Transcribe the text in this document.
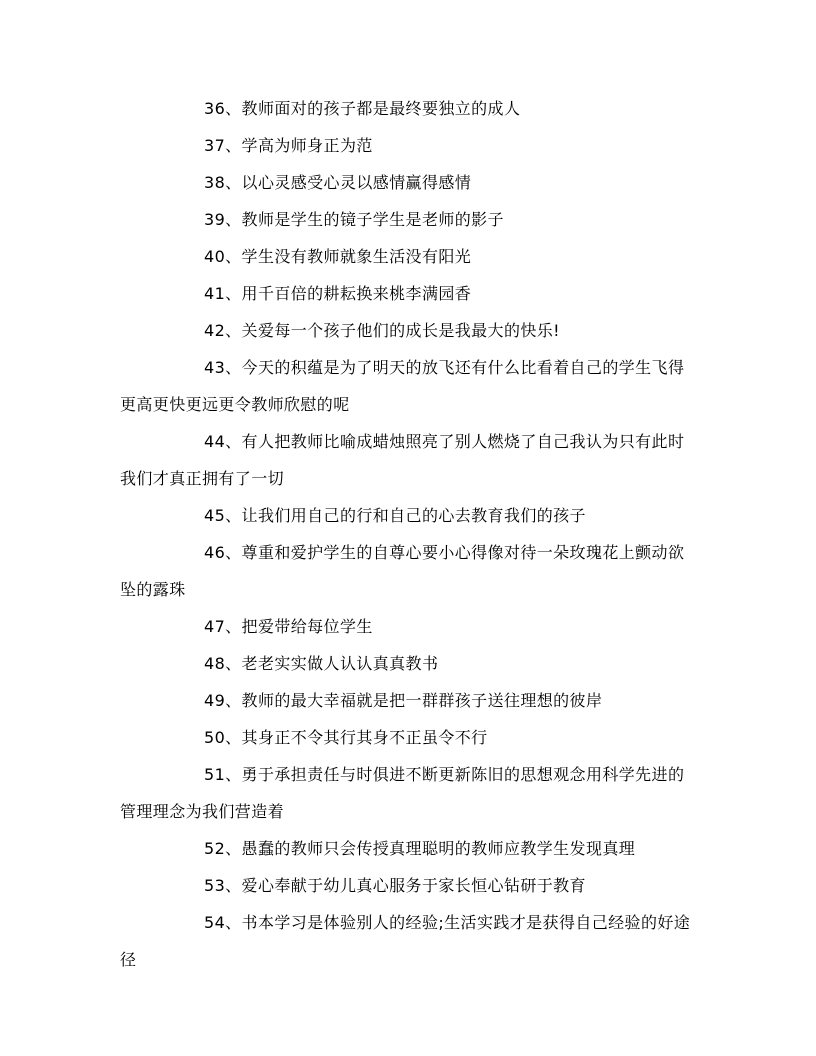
36、教师面对的孩子都是最终要独立的成人

37、学高为师身正为范

38、以心灵感受心灵以感情赢得感情

39、教师是学生的镜子学生是老师的影子

40、学生没有教师就象生活没有阳光

41、用千百倍的耕耘换来桃李满园香

42、关爱每一个孩子他们的成长是我最大的快乐!

43、今天的积蕴是为了明天的放飞还有什么比看着自己的学生飞得更高更快更远更令教师欣慰的呢

44、有人把教师比喻成蜡烛照亮了别人燃烧了自己我认为只有此时我们才真正拥有了一切

45、让我们用自己的行和自己的心去教育我们的孩子

46、尊重和爱护学生的自尊心要小心得像对待一朵玫瑰花上颤动欲坠的露珠

47、把爱带给每位学生

48、老老实实做人认认真真教书

49、教师的最大幸福就是把一群群孩子送往理想的彼岸

50、其身正不令其行其身不正虽令不行

51、勇于承担责任与时俱进不断更新陈旧的思想观念用科学先进的管理理念为我们营造着

52、愚蠢的教师只会传授真理聪明的教师应教学生发现真理

53、爱心奉献于幼儿真心服务于家长恒心钻研于教育

54、书本学习是体验别人的经验;生活实践才是获得自己经验的好途径
